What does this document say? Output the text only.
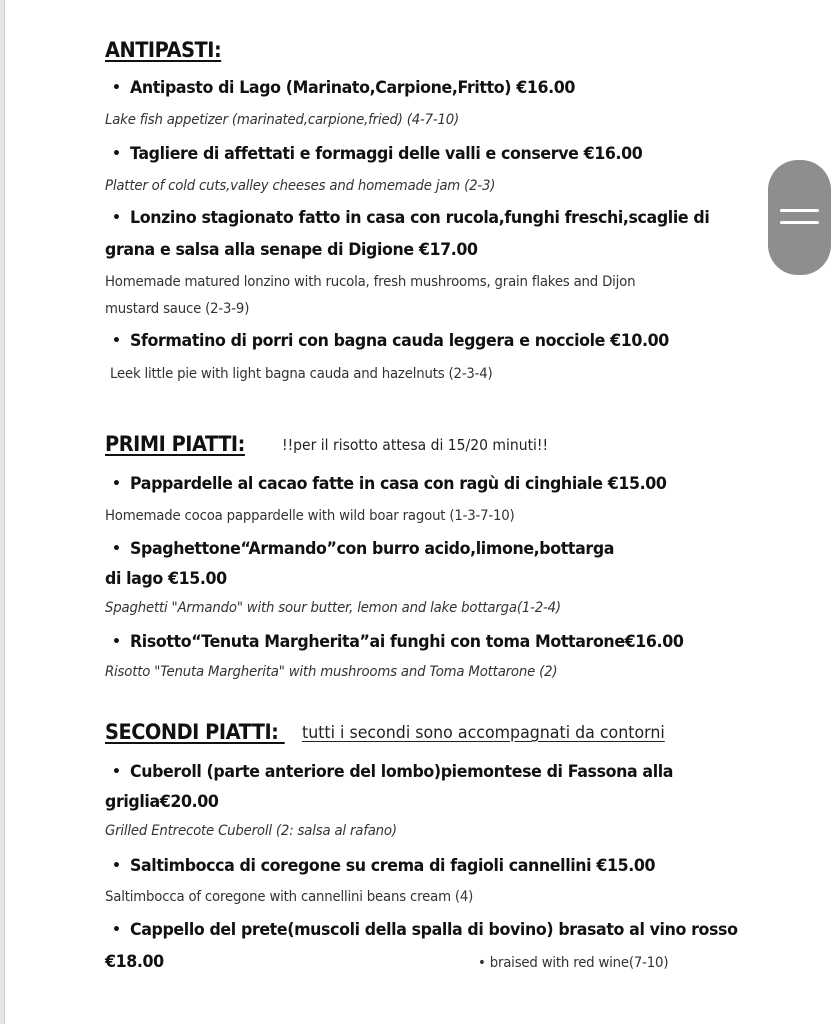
ANTIPASTI:
• Antipasto di Lago (Marinato,Carpione,Fritto) €16.00
Lake fish appetizer (marinated,carpione,fried) (4-7-10)
• Tagliere di affettati e formaggi delle valli e conserve €16.00
Platter of cold cuts,valley cheeses and homemade jam (2-3)
• Lonzino stagionato fatto in casa con rucola,funghi freschi,scaglie di
grana e salsa alla senape di Digione €17.00
Homemade matured lonzino with rucola, fresh mushrooms, grain flakes and Dijon
mustard sauce (2-3-9)
• Sformatino di porri con bagna cauda leggera e nocciole €10.00
Leek little pie with light bagna cauda and hazelnuts (2-3-4)
PRIMI PIATTI: !!per il risotto attesa di 15/20 minuti!!
• Pappardelle al cacao fatte in casa con ragù di cinghiale €15.00
Homemade cocoa pappardelle with wild boar ragout (1-3-7-10)
• Spaghettone“Armando”con burro acido,limone,bottarga
di lago €15.00
Spaghetti "Armando" with sour butter, lemon and lake bottarga(1-2-4)
• Risotto“Tenuta Margherita”ai funghi con toma Mottarone€16.00
Risotto "Tenuta Margherita" with mushrooms and Toma Mottarone (2)
SECONDI PIATTI: tutti i secondi sono accompagnati da contorni
• Cuberoll (parte anteriore del lombo)piemontese di Fassona alla
griglia€20.00
Grilled Entrecote Cuberoll (2: salsa al rafano)
• Saltimbocca di coregone su crema di fagioli cannellini €15.00
Saltimbocca of coregone with cannellini beans cream (4)
• Cappello del prete(muscoli della spalla di bovino) brasato al vino rosso
€18.00	• braised with red wine(7-10)
